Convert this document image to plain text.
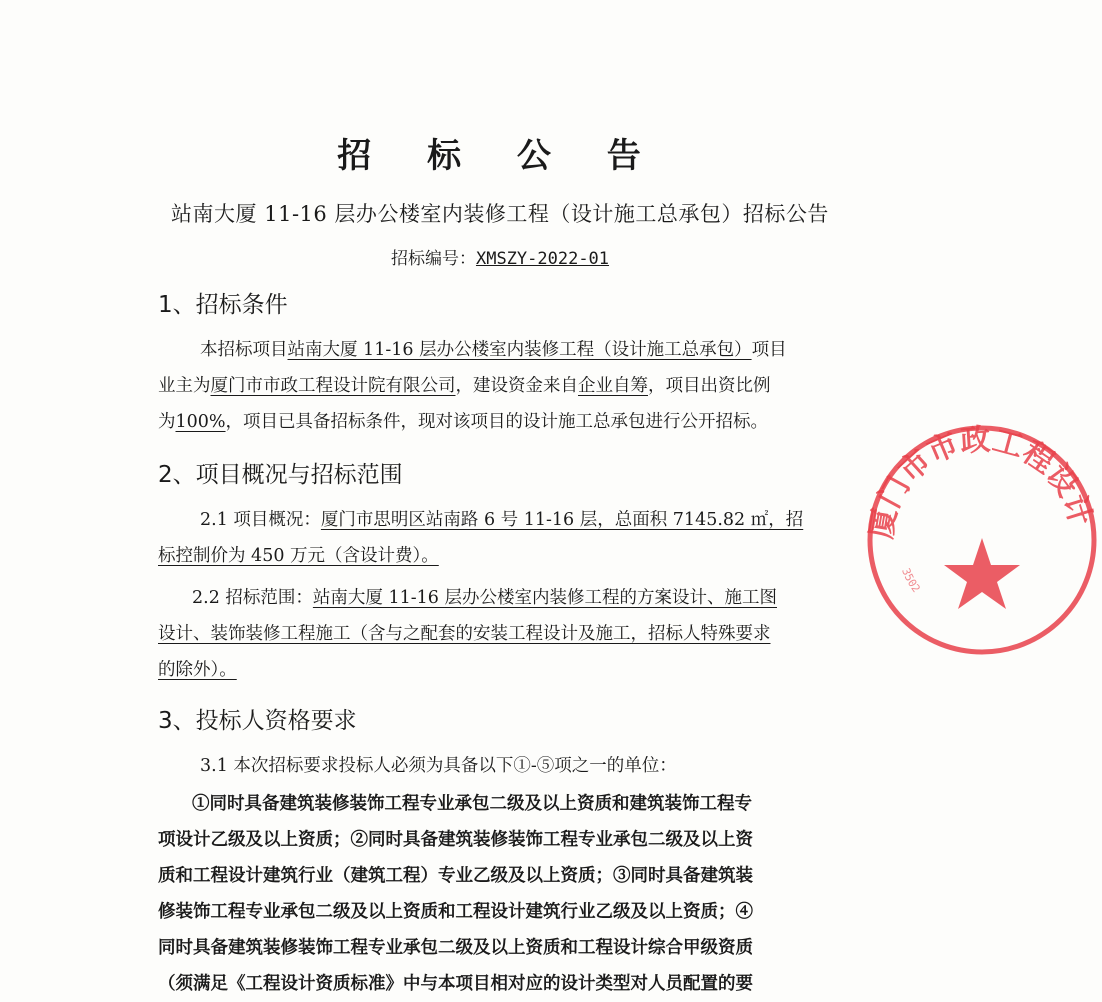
招 标 公 告
站南大厦 11-16 层办公楼室内装修工程（设计施工总承包）招标公告
招标编号：XMSZY-2022-01
1、招标条件
本招标项目站南大厦 11-16 层办公楼室内装修工程（设计施工总承包）项目
业主为厦门市市政工程设计院有限公司，建设资金来自企业自筹，项目出资比例
为100%，项目已具备招标条件，现对该项目的设计施工总承包进行公开招标。
2、项目概况与招标范围
2.1 项目概况：厦门市思明区站南路 6 号 11-16 层，总面积 7145.82 ㎡，招
标控制价为 450 万元（含设计费）。
2.2 招标范围：站南大厦 11-16 层办公楼室内装修工程的方案设计、施工图
设计、装饰装修工程施工（含与之配套的安装工程设计及施工，招标人特殊要求
的除外）。
3、投标人资格要求
3.1 本次招标要求投标人必须为具备以下①-⑤项之一的单位：
①同时具备建筑装修装饰工程专业承包二级及以上资质和建筑装饰工程专
项设计乙级及以上资质；②同时具备建筑装修装饰工程专业承包二级及以上资
质和工程设计建筑行业（建筑工程）专业乙级及以上资质；③同时具备建筑装
修装饰工程专业承包二级及以上资质和工程设计建筑行业乙级及以上资质；④
同时具备建筑装修装饰工程专业承包二级及以上资质和工程设计综合甲级资质
（须满足《工程设计资质标准》中与本项目相对应的设计类型对人员配置的要
厦门市市政工程设计
3502
